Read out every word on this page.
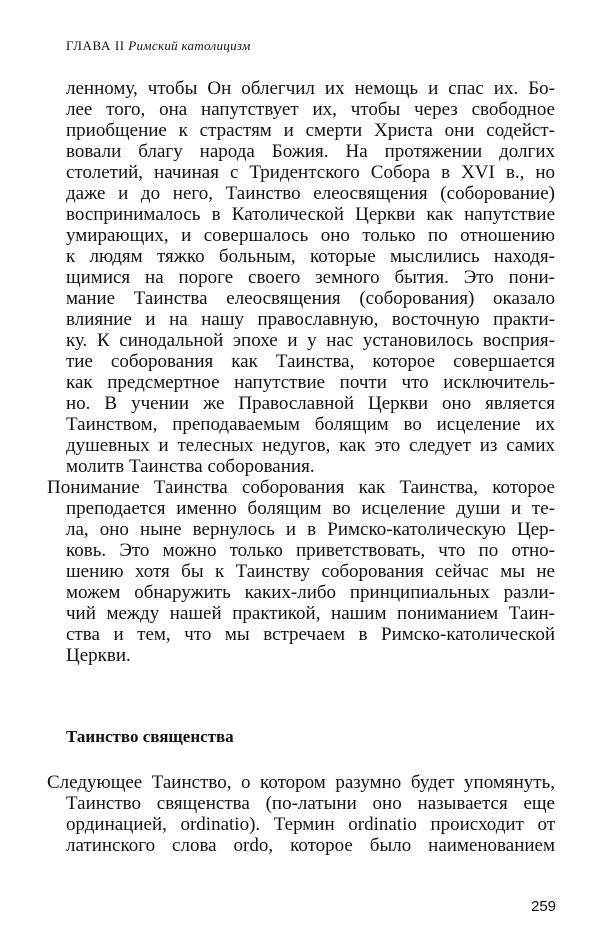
ГЛАВА II Римский католицизм
ленному, чтобы Он облегчил их немощь и спас их. Бо-
лее того, она напутствует их, чтобы через свободное
приобщение к страстям и смерти Христа они содейст-
вовали благу народа Божия. На протяжении долгих
столетий, начиная с Тридентского Собора в XVI в., но
даже и до него, Таинство елеосвящения (соборование)
воспринималось в Католической Церкви как напутствие
умирающих, и совершалось оно только по отношению
к людям тяжко больным, которые мыслились находя-
щимися на пороге своего земного бытия. Это пони-
мание Таинства елеосвящения (соборования) оказало
влияние и на нашу православную, восточную практи-
ку. К синодальной эпохе и у нас установилось восприя-
тие соборования как Таинства, которое совершается
как предсмертное напутствие почти что исключитель-
но. В учении же Православной Церкви оно является
Таинством, преподаваемым болящим во исцеление их
душевных и телесных недугов, как это следует из самих
молитв Таинства соборования.
Понимание Таинства соборования как Таинства, которое
преподается именно болящим во исцеление души и те-
ла, оно ныне вернулось и в Римско-католическую Цер-
ковь. Это можно только приветствовать, что по отно-
шению хотя бы к Таинству соборования сейчас мы не
можем обнаружить каких-либо принципиальных разли-
чий между нашей практикой, нашим пониманием Таин-
ства и тем, что мы встречаем в Римско-католической
Церкви.
Таинство священства
Следующее Таинство, о котором разумно будет упомянуть,
Таинство священства (по-латыни оно называется еще
ординацией, ordinatio). Термин ordinatio происходит от
латинского слова ordo, которое было наименованием
259
